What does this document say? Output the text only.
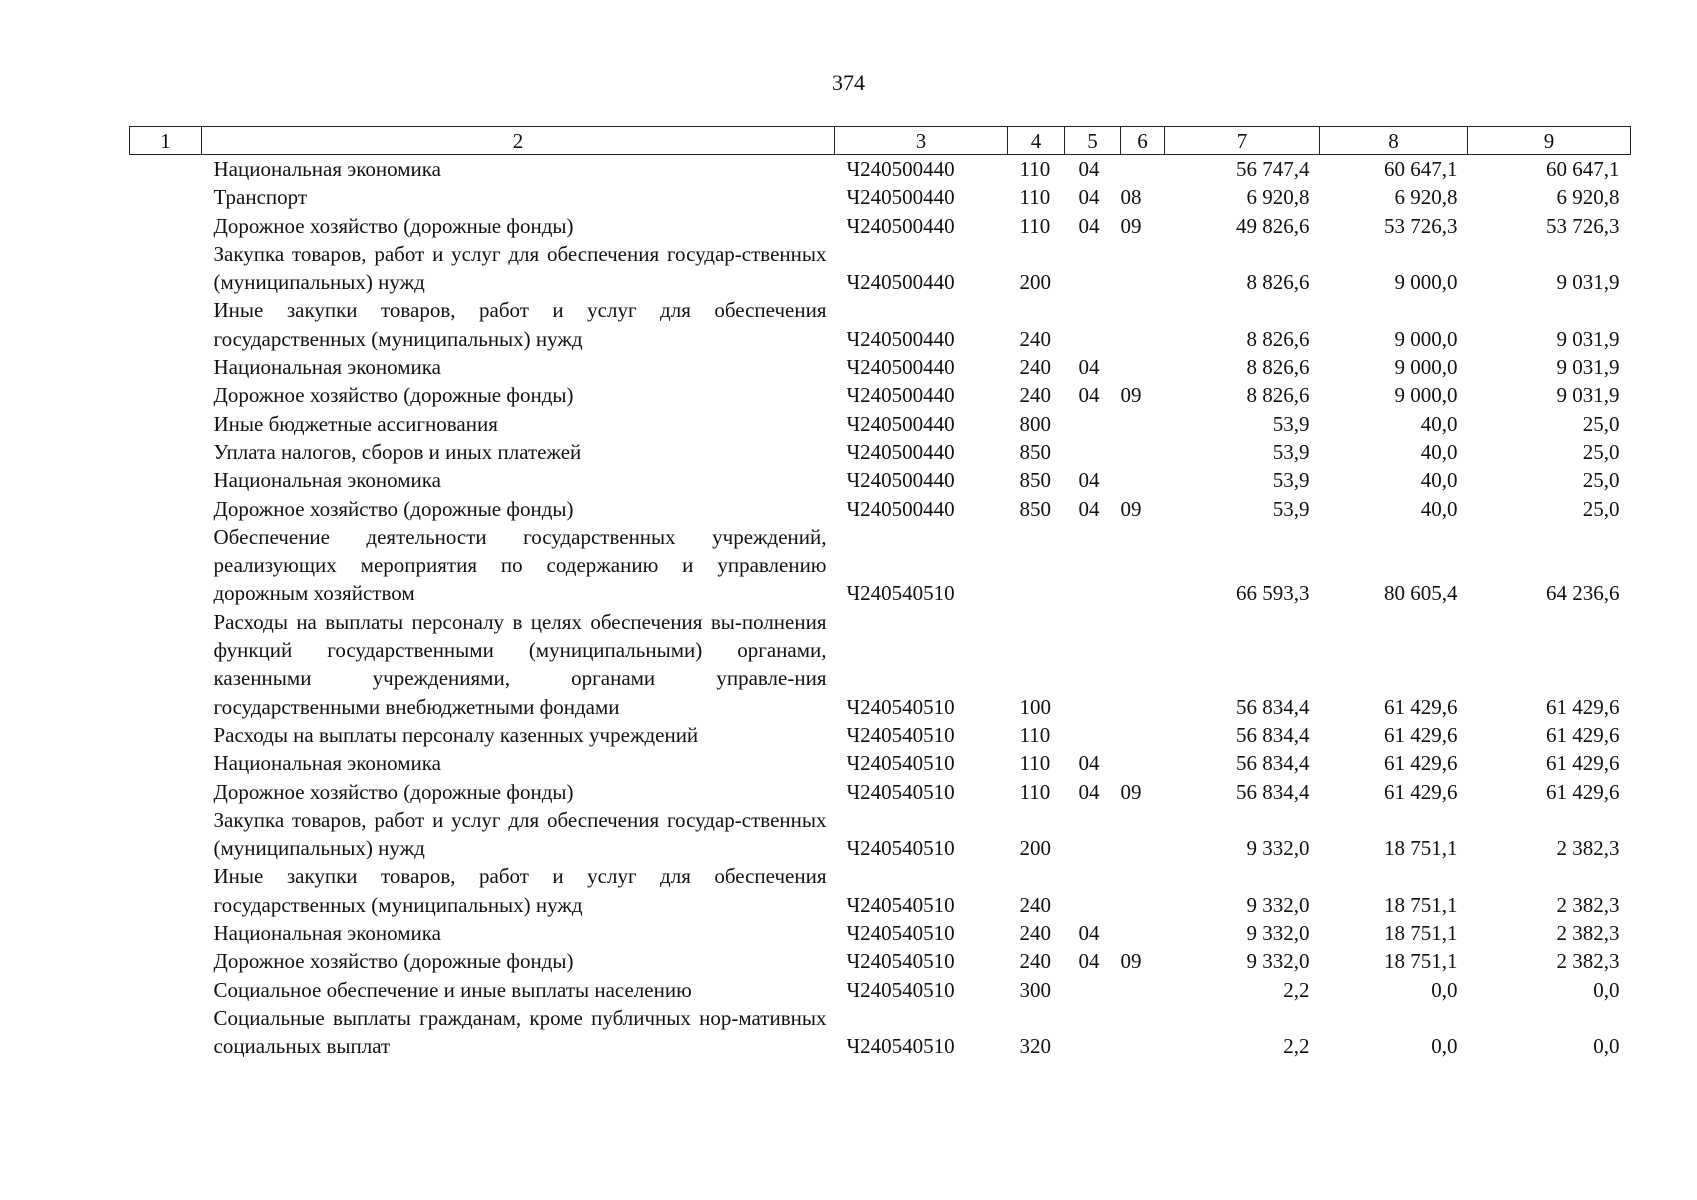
374
1	2	3	4	5	6	7	8	9
	Национальная экономика	Ч240500440	110	04		56 747,4	60 647,1	60 647,1
	Транспорт	Ч240500440	110	04	08	6 920,8	6 920,8	6 920,8
	Дорожное хозяйство (дорожные фонды)	Ч240500440	110	04	09	49 826,6	53 726,3	53 726,3
	Закупка товаров, работ и услуг для обеспечения государ-ственных (муниципальных) нужд	Ч240500440	200			8 826,6	9 000,0	9 031,9
	Иные закупки товаров, работ и услуг для обеспечения государственных (муниципальных) нужд	Ч240500440	240			8 826,6	9 000,0	9 031,9
	Национальная экономика	Ч240500440	240	04		8 826,6	9 000,0	9 031,9
	Дорожное хозяйство (дорожные фонды)	Ч240500440	240	04	09	8 826,6	9 000,0	9 031,9
	Иные бюджетные ассигнования	Ч240500440	800			53,9	40,0	25,0
	Уплата налогов, сборов и иных платежей	Ч240500440	850			53,9	40,0	25,0
	Национальная экономика	Ч240500440	850	04		53,9	40,0	25,0
	Дорожное хозяйство (дорожные фонды)	Ч240500440	850	04	09	53,9	40,0	25,0
	Обеспечение деятельности государственных учреждений, реализующих мероприятия по содержанию и управлению дорожным хозяйством	Ч240540510				66 593,3	80 605,4	64 236,6
	Расходы на выплаты персоналу в целях обеспечения вы-полнения функций государственными (муниципальными) органами, казенными учреждениями, органами управле-ния государственными внебюджетными фондами	Ч240540510	100			56 834,4	61 429,6	61 429,6
	Расходы на выплаты персоналу казенных учреждений	Ч240540510	110			56 834,4	61 429,6	61 429,6
	Национальная экономика	Ч240540510	110	04		56 834,4	61 429,6	61 429,6
	Дорожное хозяйство (дорожные фонды)	Ч240540510	110	04	09	56 834,4	61 429,6	61 429,6
	Закупка товаров, работ и услуг для обеспечения государ-ственных (муниципальных) нужд	Ч240540510	200			9 332,0	18 751,1	2 382,3
	Иные закупки товаров, работ и услуг для обеспечения государственных (муниципальных) нужд	Ч240540510	240			9 332,0	18 751,1	2 382,3
	Национальная экономика	Ч240540510	240	04		9 332,0	18 751,1	2 382,3
	Дорожное хозяйство (дорожные фонды)	Ч240540510	240	04	09	9 332,0	18 751,1	2 382,3
	Социальное обеспечение и иные выплаты населению	Ч240540510	300			2,2	0,0	0,0
	Социальные выплаты гражданам, кроме публичных нор-мативных социальных выплат	Ч240540510	320			2,2	0,0	0,0
